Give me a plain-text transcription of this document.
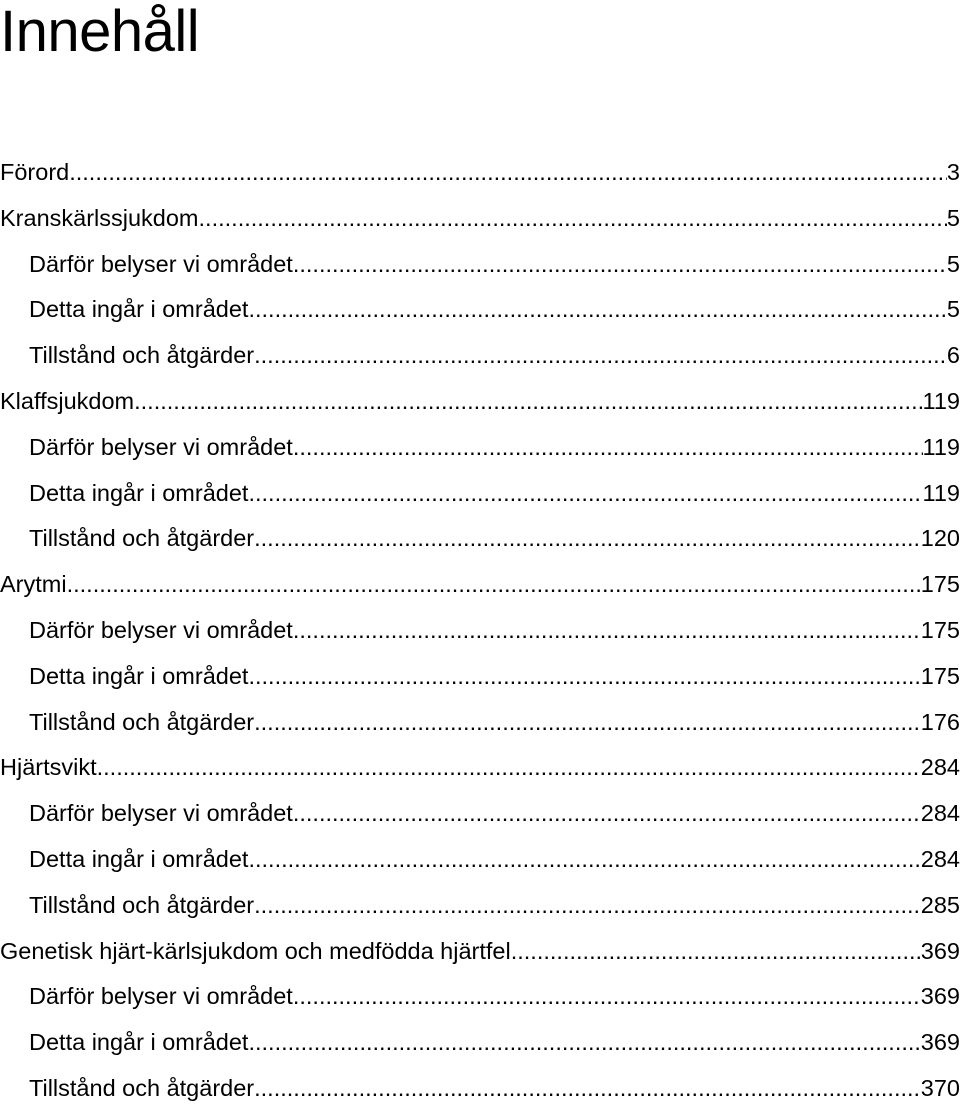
Innehåll
Förord .....	3
Kranskärlssjukdom .....	5
Därför belyser vi området .....	5
Detta ingår i området .....	5
Tillstånd och åtgärder .....	6
Klaffsjukdom .....	119
Därför belyser vi området .....	119
Detta ingår i området .....	119
Tillstånd och åtgärder .....	120
Arytmi .....	175
Därför belyser vi området .....	175
Detta ingår i området .....	175
Tillstånd och åtgärder .....	176
Hjärtsvikt .....	284
Därför belyser vi området .....	284
Detta ingår i området .....	284
Tillstånd och åtgärder .....	285
Genetisk hjärt-kärlsjukdom och medfödda hjärtfel .....	369
Därför belyser vi området .....	369
Detta ingår i området .....	369
Tillstånd och åtgärder .....	370
